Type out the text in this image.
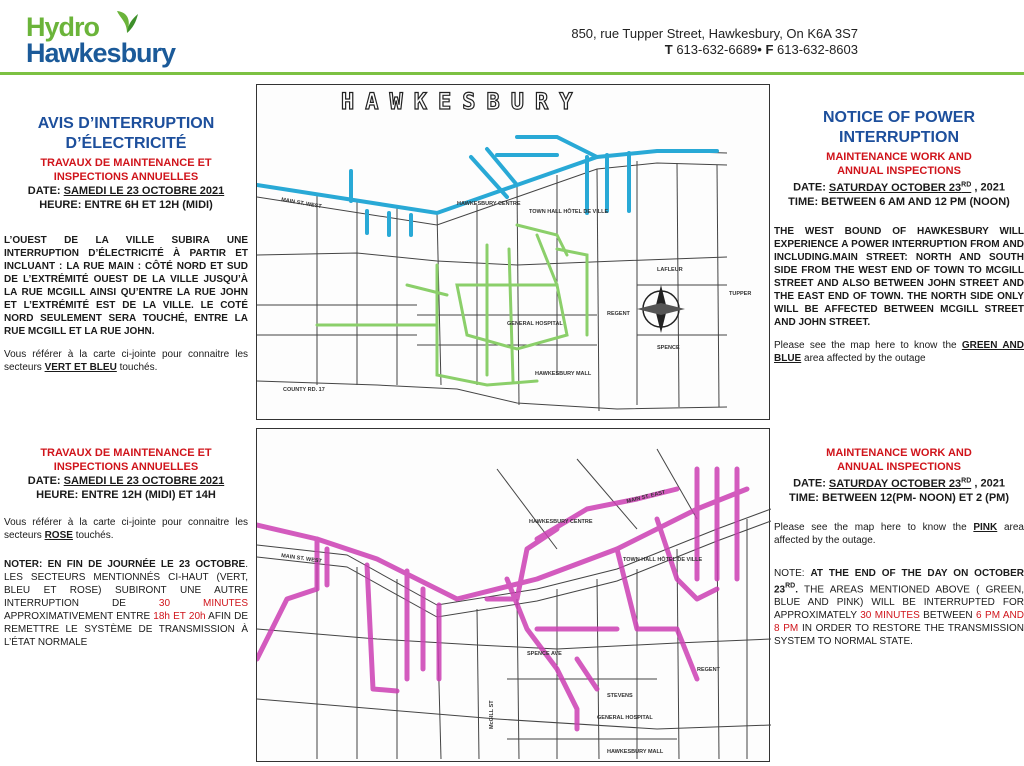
Hydro
Hawkesbury
850, rue Tupper Street, Hawkesbury, On K6A 3S7
T 613-632-6689• F 613-632-8603
AVIS D’INTERRUPTION
D’ÉLECTRICITÉ
TRAVAUX DE MAINTENANCE ET
INSPECTIONS ANNUELLES
DATE: SAMEDI LE 23 OCTOBRE 2021
HEURE: ENTRE 6H ET 12H (MIDI)
L’OUEST DE LA VILLE SUBIRA UNE INTERRUPTION D’ÉLECTRICITÉ À PARTIR ET INCLUANT : LA RUE MAIN : CÔTÉ NORD ET SUD DE L’EXTRÉMITÉ OUEST DE LA VILLE JUSQU’À LA RUE MCGILL AINSI QU’ENTRE LA RUE JOHN ET L’EXTRÉMITÉ EST DE LA VILLE. LE COTÉ NORD SEULEMENT SERA TOUCHÉ, ENTRE LA RUE MCGILL ET LA RUE JOHN.
Vous référer à la carte ci-jointe pour connaitre les secteurs VERT ET BLEU touchés.
TRAVAUX DE MAINTENANCE ET
INSPECTIONS ANNUELLES
DATE: SAMEDI LE 23 OCTOBRE 2021
HEURE: ENTRE 12H (MIDI) ET 14H
Vous référer à la carte ci-jointe pour connaitre les secteurs ROSE touchés.
NOTER: EN FIN DE JOURNÉE LE 23 OCTOBRE. LES SECTEURS MENTIONNÉS CI-HAUT (VERT, BLEU ET ROSE) SUBIRONT UNE AUTRE INTERRUPTION DE 30 MINUTES APPROXIMATIVEMENT ENTRE 18h ET 20h AFIN DE REMETTRE LE SYSTÈME DE TRANSMISSION À L’ÉTAT NORMALE
NOTICE OF POWER
INTERRUPTION
MAINTENANCE WORK AND
ANNUAL INSPECTIONS
DATE: SATURDAY OCTOBER 23RD , 2021
TIME: BETWEEN 6 AM AND 12 PM (NOON)
THE WEST BOUND OF HAWKESBURY WILL EXPERIENCE A POWER INTERRUPTION FROM AND INCLUDING.MAIN STREET: NORTH AND SOUTH SIDE FROM THE WEST END OF TOWN TO MCGILL STREET AND ALSO BETWEEN JOHN STREET AND THE EAST END OF TOWN. THE NORTH SIDE ONLY WILL BE AFFECTED BETWEEN MCGILL STREET AND JOHN STREET.
Please see the map here to know the GREEN AND BLUE area affected by the outage
MAINTENANCE WORK AND
ANNUAL INSPECTIONS
DATE: SATURDAY OCTOBER 23RD , 2021
TIME: BETWEEN 12(PM- NOON) ET 2 (PM)
Please see the map here to know the PINK area affected by the outage.
NOTE: AT THE END OF THE DAY ON OCTOBER 23RD. THE AREAS MENTIONED ABOVE ( GREEN, BLUE AND PINK) WILL BE INTERRUPTED FOR APPROXIMATELY 30 MINUTES BETWEEN 6 PM AND 8 PM IN ORDER TO RESTORE THE TRANSMISSION SYSTEM TO NORMAL STATE.
HAWKESBURY
MAIN ST. WEST
TOWN HALL HÔTEL DE VILLE
HAWKESBURY CENTRE
GENERAL HOSPITAL
HAWKESBURY MALL
COUNTY RD. 17
SPENCE
LAFLEUR
REGENT
TUPPER
MAIN ST. WEST
MAIN ST. EAST
HAWKESBURY CENTRE
TOWN HALL HÔTEL DE VILLE
GENERAL HOSPITAL
HAWKESBURY MALL
SPENCE AVE
McGILL ST
STEVENS
REGENT
